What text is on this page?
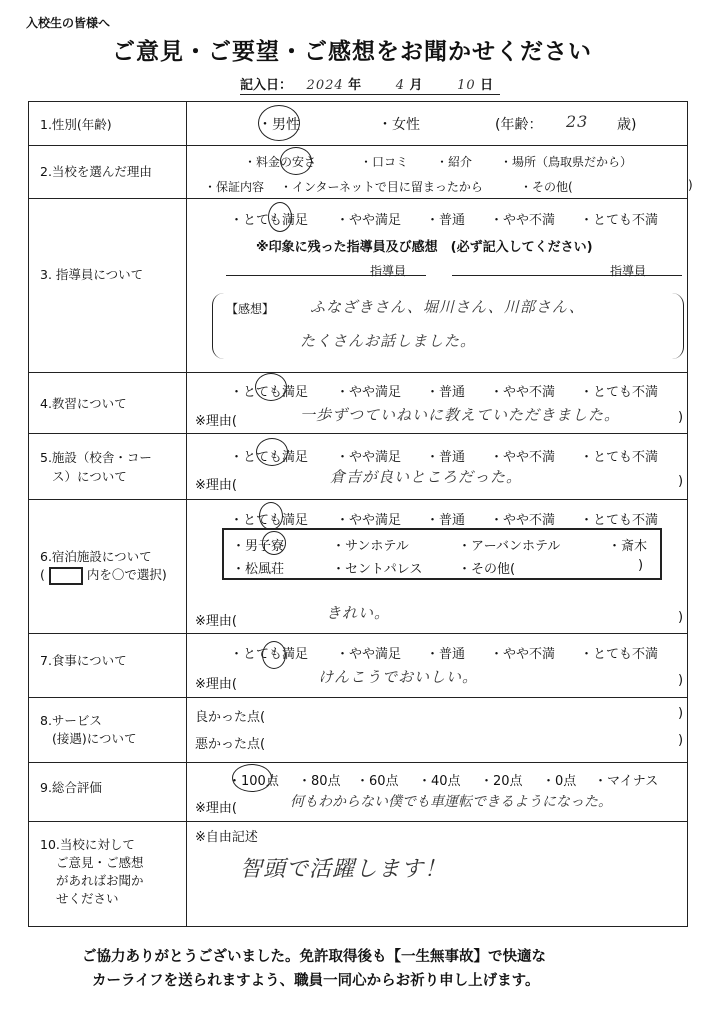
入校生の皆様へ
ご意見・ご要望・ご感想をお聞かせください
記入日： 2024 年	4 月	10 日
1.性別(年齢)	・男性	・女性	(年齢： 23 歳)
2.当校を選んだ理由
・料金の安さ	・口コミ ・紹介 ・場所（鳥取県だから）
・保証内容 ・インターネットで目に留まったから	・その他(	)
3. 指導員について
・とても満足 ・やや満足 ・普通 ・やや不満 ・とても不満
※印象に残った指導員及び感想　(必ず記入してください)
指導員	指導員
【感想】 ふなざきさん、堀川さん、川部さん、
たくさんお話しました。
4.教習について
・とても満足 ・やや満足 ・普通 ・やや不満 ・とても不満
※理由(	一歩ずつていねいに教えていただきました。	)
5.施設（校舎・コー
ス）について
・とても満足 ・やや満足 ・普通 ・やや不満 ・とても不満
※理由(	倉吉が良いところだった。	)
6.宿泊施設について
(	内を〇で選択)
・とても満足 ・やや満足 ・普通 ・やや不満 ・とても不満
・男子寮	・サンホテル	・アーバンホテル	・斎木
・松風荘	・セントパレス	・その他(	)
※理由(	きれい。	)
7.食事について	・とても満足 ・やや満足 ・普通 ・やや不満 ・とても不満
※理由(	けんこうでおいしい。	)
8.サービス
(接遇)について
良かった点(	)
悪かった点(	)
9.総合評価	・100点 ・80点 ・60点 ・40点 ・20点 ・0点 ・マイナス
※理由(	何もわからない僕でも車運転できるようになった。
10.当校に対して
ご意見・ご感想
があればお聞か
せください
※自由記述
智頭で活躍します！
ご協力ありがとうございました。免許取得後も【一生無事故】で快適な
カーライフを送られますよう、職員一同心からお祈り申し上げます。
